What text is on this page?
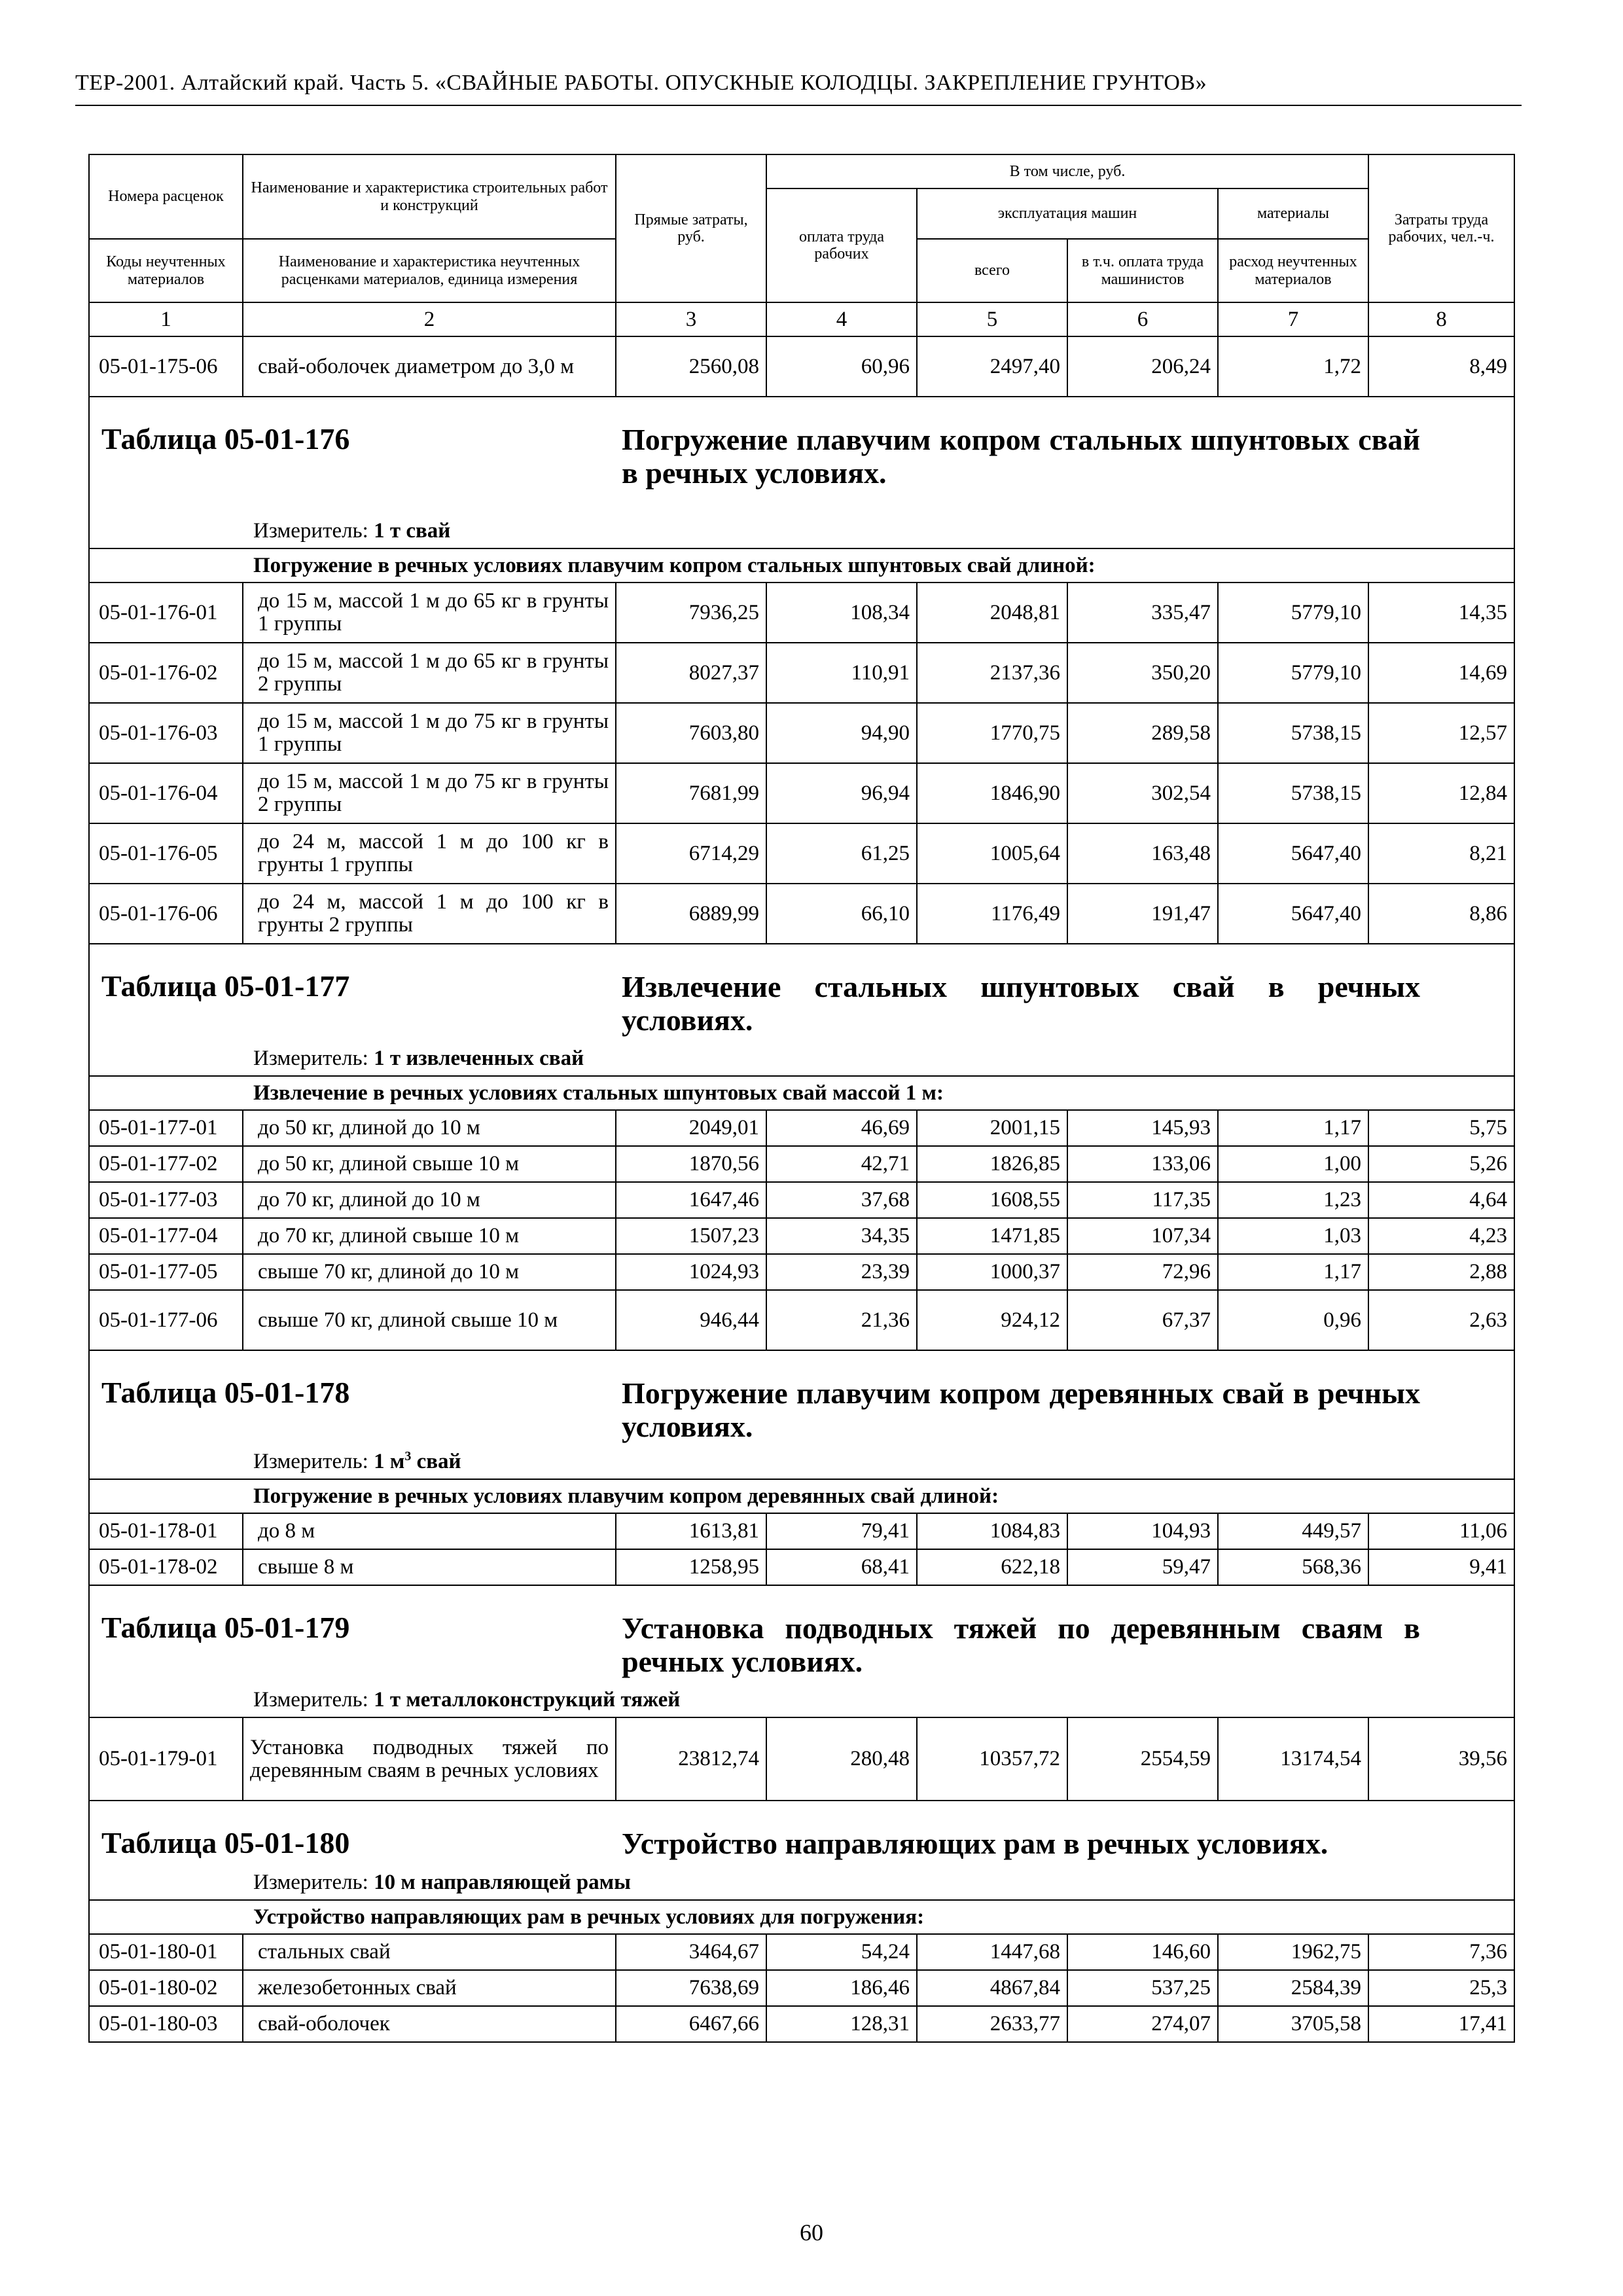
ТЕР-2001. Алтайский край. Часть 5. «СВАЙНЫЕ РАБОТЫ. ОПУСКНЫЕ КОЛОДЦЫ. ЗАКРЕПЛЕНИЕ ГРУНТОВ»
Номера расценок	Наименование и характеристика строительных работ и конструкций	Прямые затраты, руб.	В том числе, руб.				Затраты труда рабочих, чел.-ч.
			оплата труда рабочих	эксплуатация машин		материалы	
Коды неучтенных материалов	Наименование и характеристика неучтенных расценками материалов, единица измерения			всего	в т.ч. оплата труда машинистов	расход неучтенных материалов	
1	2	3	4	5	6	7	8
05-01-175-06	свай-оболочек диаметром до 3,0 м	2560,08	60,96	2497,40	206,24	1,72	8,49

Таблица 05-01-176 Погружение плавучим копром стальных шпунтовых свай в речных условиях.
Измеритель: 1 т свай							

Погружение в речных условиях плавучим копром стальных шпунтовых свай длиной:							
05-01-176-01	до 15 м, массой 1 м до 65 кг в грунты 1 группы	7936,25	108,34	2048,81	335,47	5779,10	14,35
05-01-176-02	до 15 м, массой 1 м до 65 кг в грунты 2 группы	8027,37	110,91	2137,36	350,20	5779,10	14,69
05-01-176-03	до 15 м, массой 1 м до 75 кг в грунты 1 группы	7603,80	94,90	1770,75	289,58	5738,15	12,57
05-01-176-04	до 15 м, массой 1 м до 75 кг в грунты 2 группы	7681,99	96,94	1846,90	302,54	5738,15	12,84
05-01-176-05	до 24 м, массой 1 м до 100 кг в грунты 1 группы	6714,29	61,25	1005,64	163,48	5647,40	8,21
05-01-176-06	до 24 м, массой 1 м до 100 кг в грунты 2 группы	6889,99	66,10	1176,49	191,47	5647,40	8,86

Таблица 05-01-177 Извлечение стальных шпунтовых свай в речных условиях.
Измеритель: 1 т извлеченных свай							

Извлечение в речных условиях стальных шпунтовых свай массой 1 м:							
05-01-177-01	до 50 кг, длиной до 10 м	2049,01	46,69	2001,15	145,93	1,17	5,75
05-01-177-02	до 50 кг, длиной свыше 10 м	1870,56	42,71	1826,85	133,06	1,00	5,26
05-01-177-03	до 70 кг, длиной до 10 м	1647,46	37,68	1608,55	117,35	1,23	4,64
05-01-177-04	до 70 кг, длиной свыше 10 м	1507,23	34,35	1471,85	107,34	1,03	4,23
05-01-177-05	свыше 70 кг, длиной до 10 м	1024,93	23,39	1000,37	72,96	1,17	2,88
05-01-177-06	свыше 70 кг, длиной свыше 10 м	946,44	21,36	924,12	67,37	0,96	2,63

Таблица 05-01-178 Погружение плавучим копром деревянных свай в речных условиях.
Измеритель: 1 $м^3$ свай							

Погружение в речных условиях плавучим копром деревянных свай длиной:							
05-01-178-01	до 8 м	1613,81	79,41	1084,83	104,93	449,57	11,06
05-01-178-02	свыше 8 м	1258,95	68,41	622,18	59,47	568,36	9,41

Таблица 05-01-179 Установка подводных тяжей по деревянным сваям в речных условиях.
Измеритель: 1 т металлоконструкций тяжей							

05-01-179-01	Установка подводных тяжей по деревянным сваям в речных условиях	23812,74	280,48	10357,72	2554,59	13174,54	39,56

Таблица 05-01-180 Устройство направляющих рам в речных условиях.
Измеритель: 10 м направляющей рамы							

Устройство направляющих рам в речных условиях для погружения:							
05-01-180-01	стальных свай	3464,67	54,24	1447,68	146,60	1962,75	7,36
05-01-180-02	железобетонных свай	7638,69	186,46	4867,84	537,25	2584,39	25,3
05-01-180-03	свай-оболочек	6467,66	128,31	2633,77	274,07	3705,58	17,41
60
